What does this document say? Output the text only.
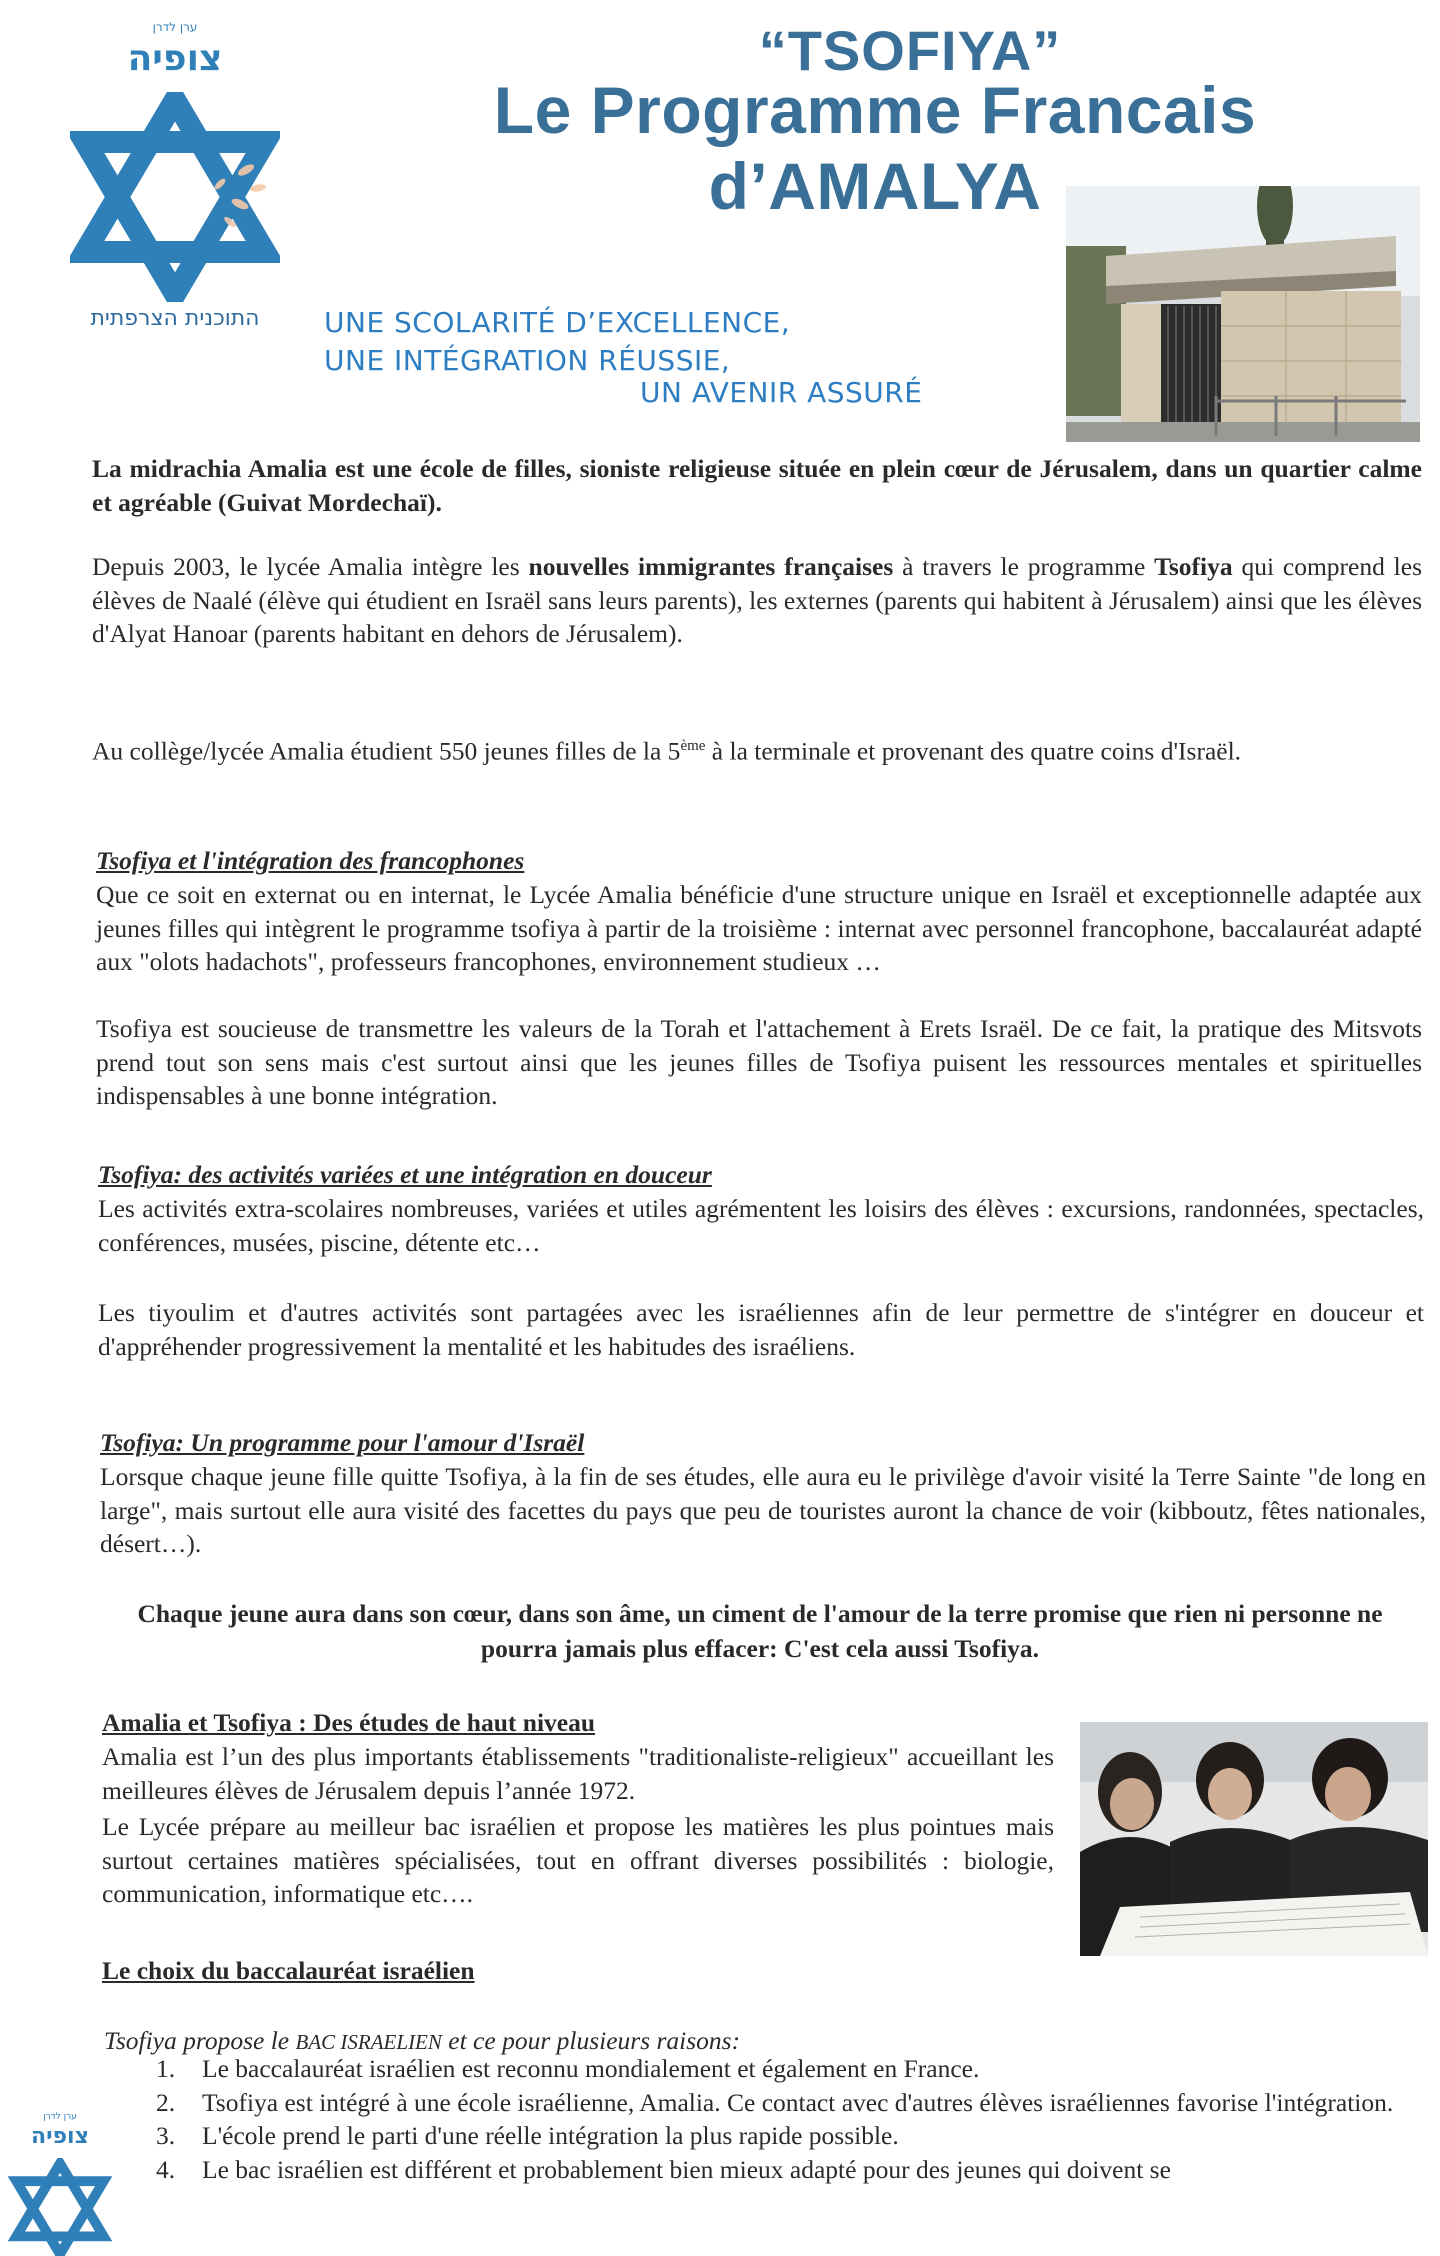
ערן לדרן
צופיה
התוכנית הצרפתית
“TSOFIYA”
Le Programme Francais d’AMALYA
UNE SCOLARITÉ D’EXCELLENCE,
UNE INTÉGRATION RÉUSSIE,
UN AVENIR ASSURÉ
La midrachia Amalia est une école de filles, sioniste religieuse située en plein cœur de Jérusalem, dans un quartier calme et agréable (Guivat Mordechaï).
Depuis 2003, le lycée Amalia intègre les nouvelles immigrantes françaises à travers le programme Tsofiya qui comprend les élèves de Naalé (élève qui étudient en Israël sans leurs parents), les externes (parents qui habitent à Jérusalem) ainsi que les élèves d'Alyat Hanoar (parents habitant en dehors de Jérusalem).
Au collège/lycée Amalia étudient 550 jeunes filles de la 5ème à la terminale et provenant des quatre coins d'Israël.
Tsofiya et l'intégration des francophones
Que ce soit en externat ou en internat, le Lycée Amalia bénéficie d'une structure unique en Israël et exceptionnelle adaptée aux jeunes filles qui intègrent le programme tsofiya à partir de la troisième : internat avec personnel francophone, baccalauréat adapté aux "olots hadachots", professeurs francophones, environnement studieux …
Tsofiya est soucieuse de transmettre les valeurs de la Torah et l'attachement à Erets Israël. De ce fait, la pratique des Mitsvots prend tout son sens mais c'est surtout ainsi que les jeunes filles de Tsofiya puisent les ressources mentales et spirituelles indispensables à une bonne intégration.
Tsofiya: des activités variées et une intégration en douceur
Les activités extra-scolaires nombreuses, variées et utiles agrémentent les loisirs des élèves : excursions, randonnées, spectacles, conférences, musées, piscine, détente etc…
Les tiyoulim et d'autres activités sont partagées avec les israéliennes afin de leur permettre de s'intégrer en douceur et d'appréhender progressivement la mentalité et les habitudes des israéliens.
Tsofiya: Un programme pour l'amour d'Israël
Lorsque chaque jeune fille quitte Tsofiya, à la fin de ses études, elle aura eu le privilège d'avoir visité la Terre Sainte "de long en large", mais surtout elle aura visité des facettes du pays que peu de touristes auront la chance de voir (kibboutz, fêtes nationales, désert…).
Chaque jeune aura dans son cœur, dans son âme, un ciment de l'amour de la terre promise que rien ni personne ne pourra jamais plus effacer: C'est cela aussi Tsofiya.
Amalia et Tsofiya : Des études de haut niveau
Amalia est l’un des plus importants établissements "traditionaliste-religieux" accueillant les meilleures élèves de Jérusalem depuis l’année 1972.
Le Lycée prépare au meilleur bac israélien et propose les matières les plus pointues mais surtout certaines matières spécialisées, tout en offrant diverses possibilités : biologie, communication, informatique etc….
Le choix du baccalauréat israélien
Tsofiya propose le BAC ISRAELIEN et ce pour plusieurs raisons:
1. Le baccalauréat israélien est reconnu mondialement et également en France.
2. Tsofiya est intégré à une école israélienne, Amalia. Ce contact avec d'autres élèves israéliennes favorise l'intégration.
3. L'école prend le parti d'une réelle intégration la plus rapide possible.
4. Le bac israélien est différent et probablement bien mieux adapté pour des jeunes qui doivent se
ערן לדרן
צופיה
